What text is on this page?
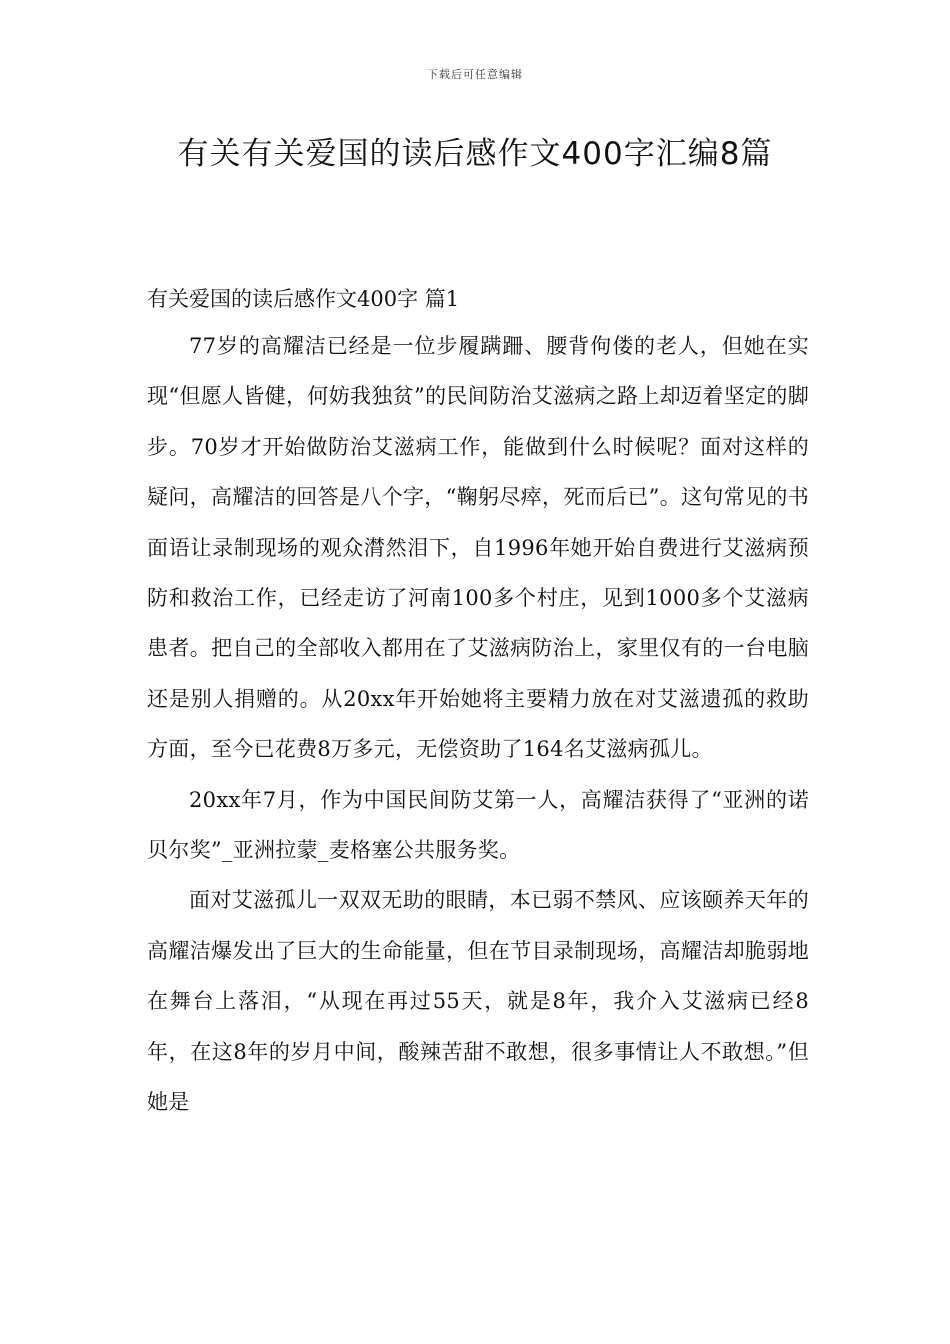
下载后可任意编辑
有关有关爱国的读后感作文400字汇编8篇
有关爱国的读后感作文400字 篇1

77岁的高耀洁已经是一位步履蹒跚、腰背佝偻的老人，但她在实现“但愿人皆健，何妨我独贫”的民间防治艾滋病之路上却迈着坚定的脚步。70岁才开始做防治艾滋病工作，能做到什么时候呢？面对这样的疑问，高耀洁的回答是八个字，“鞠躬尽瘁，死而后已”。这句常见的书面语让录制现场的观众潸然泪下，自1996年她开始自费进行艾滋病预防和救治工作，已经走访了河南100多个村庄，见到1000多个艾滋病患者。把自己的全部收入都用在了艾滋病防治上，家里仅有的一台电脑还是别人捐赠的。从20xx年开始她将主要精力放在对艾滋遗孤的救助方面，至今已花费8万多元，无偿资助了164名艾滋病孤儿。

20xx年7月，作为中国民间防艾第一人，高耀洁获得了“亚洲的诺贝尔奖”_亚洲拉蒙_麦格塞公共服务奖。

面对艾滋孤儿一双双无助的眼睛，本已弱不禁风、应该颐养天年的高耀洁爆发出了巨大的生命能量，但在节目录制现场，高耀洁却脆弱地在舞台上落泪，“从现在再过55天，就是8年，我介入艾滋病已经8年，在这8年的岁月中间，酸辣苦甜不敢想，很多事情让人不敢想。”但她是
